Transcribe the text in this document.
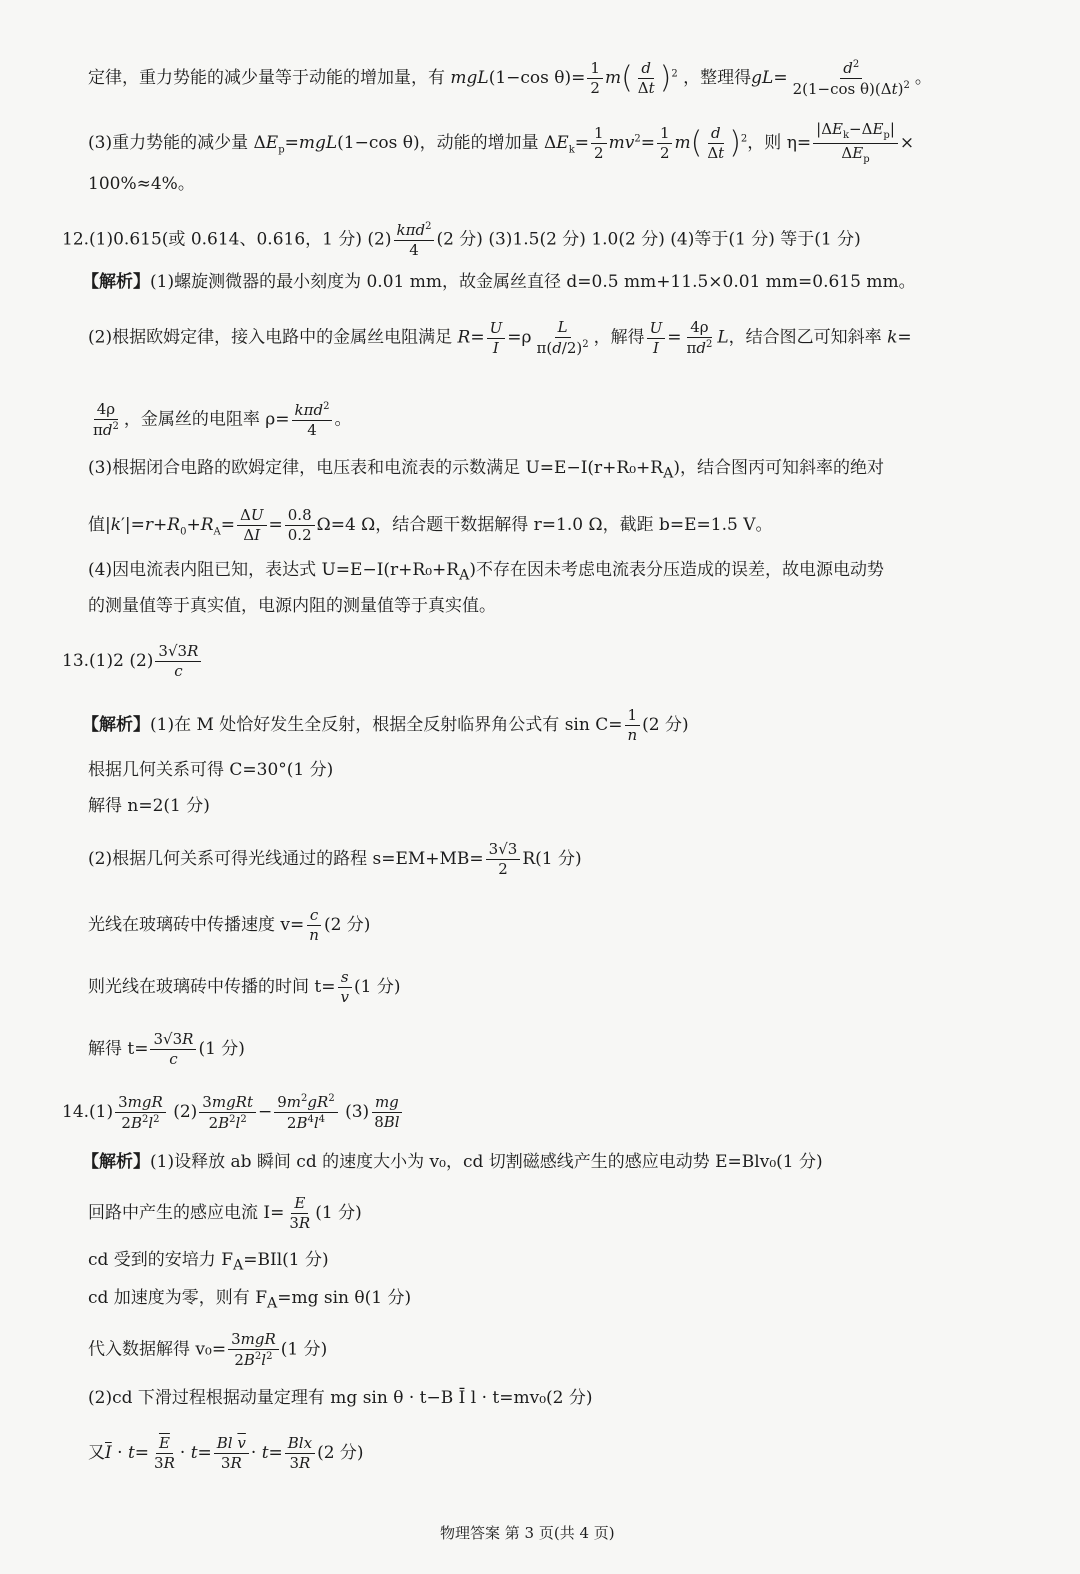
定律，重力势能的减少量等于动能的增加量，有 mgL(1−cos $\theta)= \frac{1}{2} m( \frac{d}{\Delta t} )^2$ ，整理得$gL= \frac{d^2}{2(1-\cos \theta)(\Delta t)^2}$ 。
(3)重力势能的减少量 $\Delta E_p=mgL(1-\cos$ θ)，动能的增加量 $\Delta E_k= \frac{1}{2} mv^2= \frac{1}{2} m( \frac{d}{\Delta t} )^2$，则 η=
$|\Delta E_k-\Delta E_p|$
$\Delta E_p$
×
100%≈4%。
12.(1)0.615(或 0.614、0.616，1 分) (2) kπd$^2$
4
(2 分) (3)1.5(2 分) 1.0(2 分) (4)等于(1 分) 等于(1 分)
【解析】(1)螺旋测微器的最小刻度为 0.01 mm，故金属丝直径 d=0.5 mm+11.5×0.01 mm=0.615 mm。
(2)根据欧姆定律，接入电路中的金属丝电阻满足 $R= \frac{U}{I} =\rho \frac{L}{\pi(d/2)^2}$ ，解得 $\frac{U}{I} = \frac{4\rho}{\pi d^2}$ L，结合图乙可知斜率 k=
$\frac{4\rho}{\pi d^2}$ ，金属丝的电阻率 ρ= kπd$^2$
4
。
(3)根据闭合电路的欧姆定律，电压表和电流表的示数满足 $U=E-I(r+R_0+R_A)$，结合图丙可知斜率的绝对
值$|k'|=r+R_0+R_A= \frac{\Delta U}{\Delta I} = \frac{0.8}{0.2} \Omega=4$ Ω，结合题干数据解得 r=1.0 Ω，截距 b=E=1.5 V。
(4)因电流表内阻已知，表达式 $U=E-I(r+R_0+R_A)$不存在因未考虑电流表分压造成的误差，故电源电动势
的测量值等于真实值，电源内阻的测量值等于真实值。
13.(1)2 $(2) \frac{3√3R}{c}$
【解析】(1)在 M 处恰好发生全反射，根据全反射临界角公式有 $\sin C= \frac{1}{n} (2$ 分)
根据几何关系可得 C=30°(1 分)
解得 n=2(1 分)
(2)根据几何关系可得光线通过的路程 $s=EM+MB= \frac{3√3}{2} R(1$ 分)
光线在玻璃砖中传播速度 $v= \frac{c}{n} (2$ 分)
则光线在玻璃砖中传播的时间 $t= \frac{s}{v} (1$ 分)
解得 $t= \frac{3√3R}{c} (1$ 分)
14.(1)
3mgR
$2B^2l^2$ (2)
3mgRt
$2B^2l^2 - \frac{9m^2gR^2}{2B^4l^4} (3) \frac{mg}{8Bl}$
【解析】(1)设释放 ab 瞬间 cd 的速度大小为 v₀，cd 切割磁感线产生的感应电动势 E=Blv₀(1 分)
回路中产生的感应电流 $I= \frac{E}{3R} (1$ 分)
cd 受到的安培力 $F_A=BIl(1$ 分)
cd 加速度为零，则有 $F_A=mg$ sin θ(1 分)
代入数据解得 v₀=
3mgR
$2B^2l^2$ (1 分)
(2)cd 下滑过程根据动量定理有 mg sin θ · t−B Ī l · t=mv₀(2 分)
又$\overline{I} \cdot t= \frac{\overline{E}}{3R} \cdot t= \frac{Bl \overline{v}}{3R} \cdot t=$ Blx
3R (2 分)
物理答案 第 3 页(共 4 页)
